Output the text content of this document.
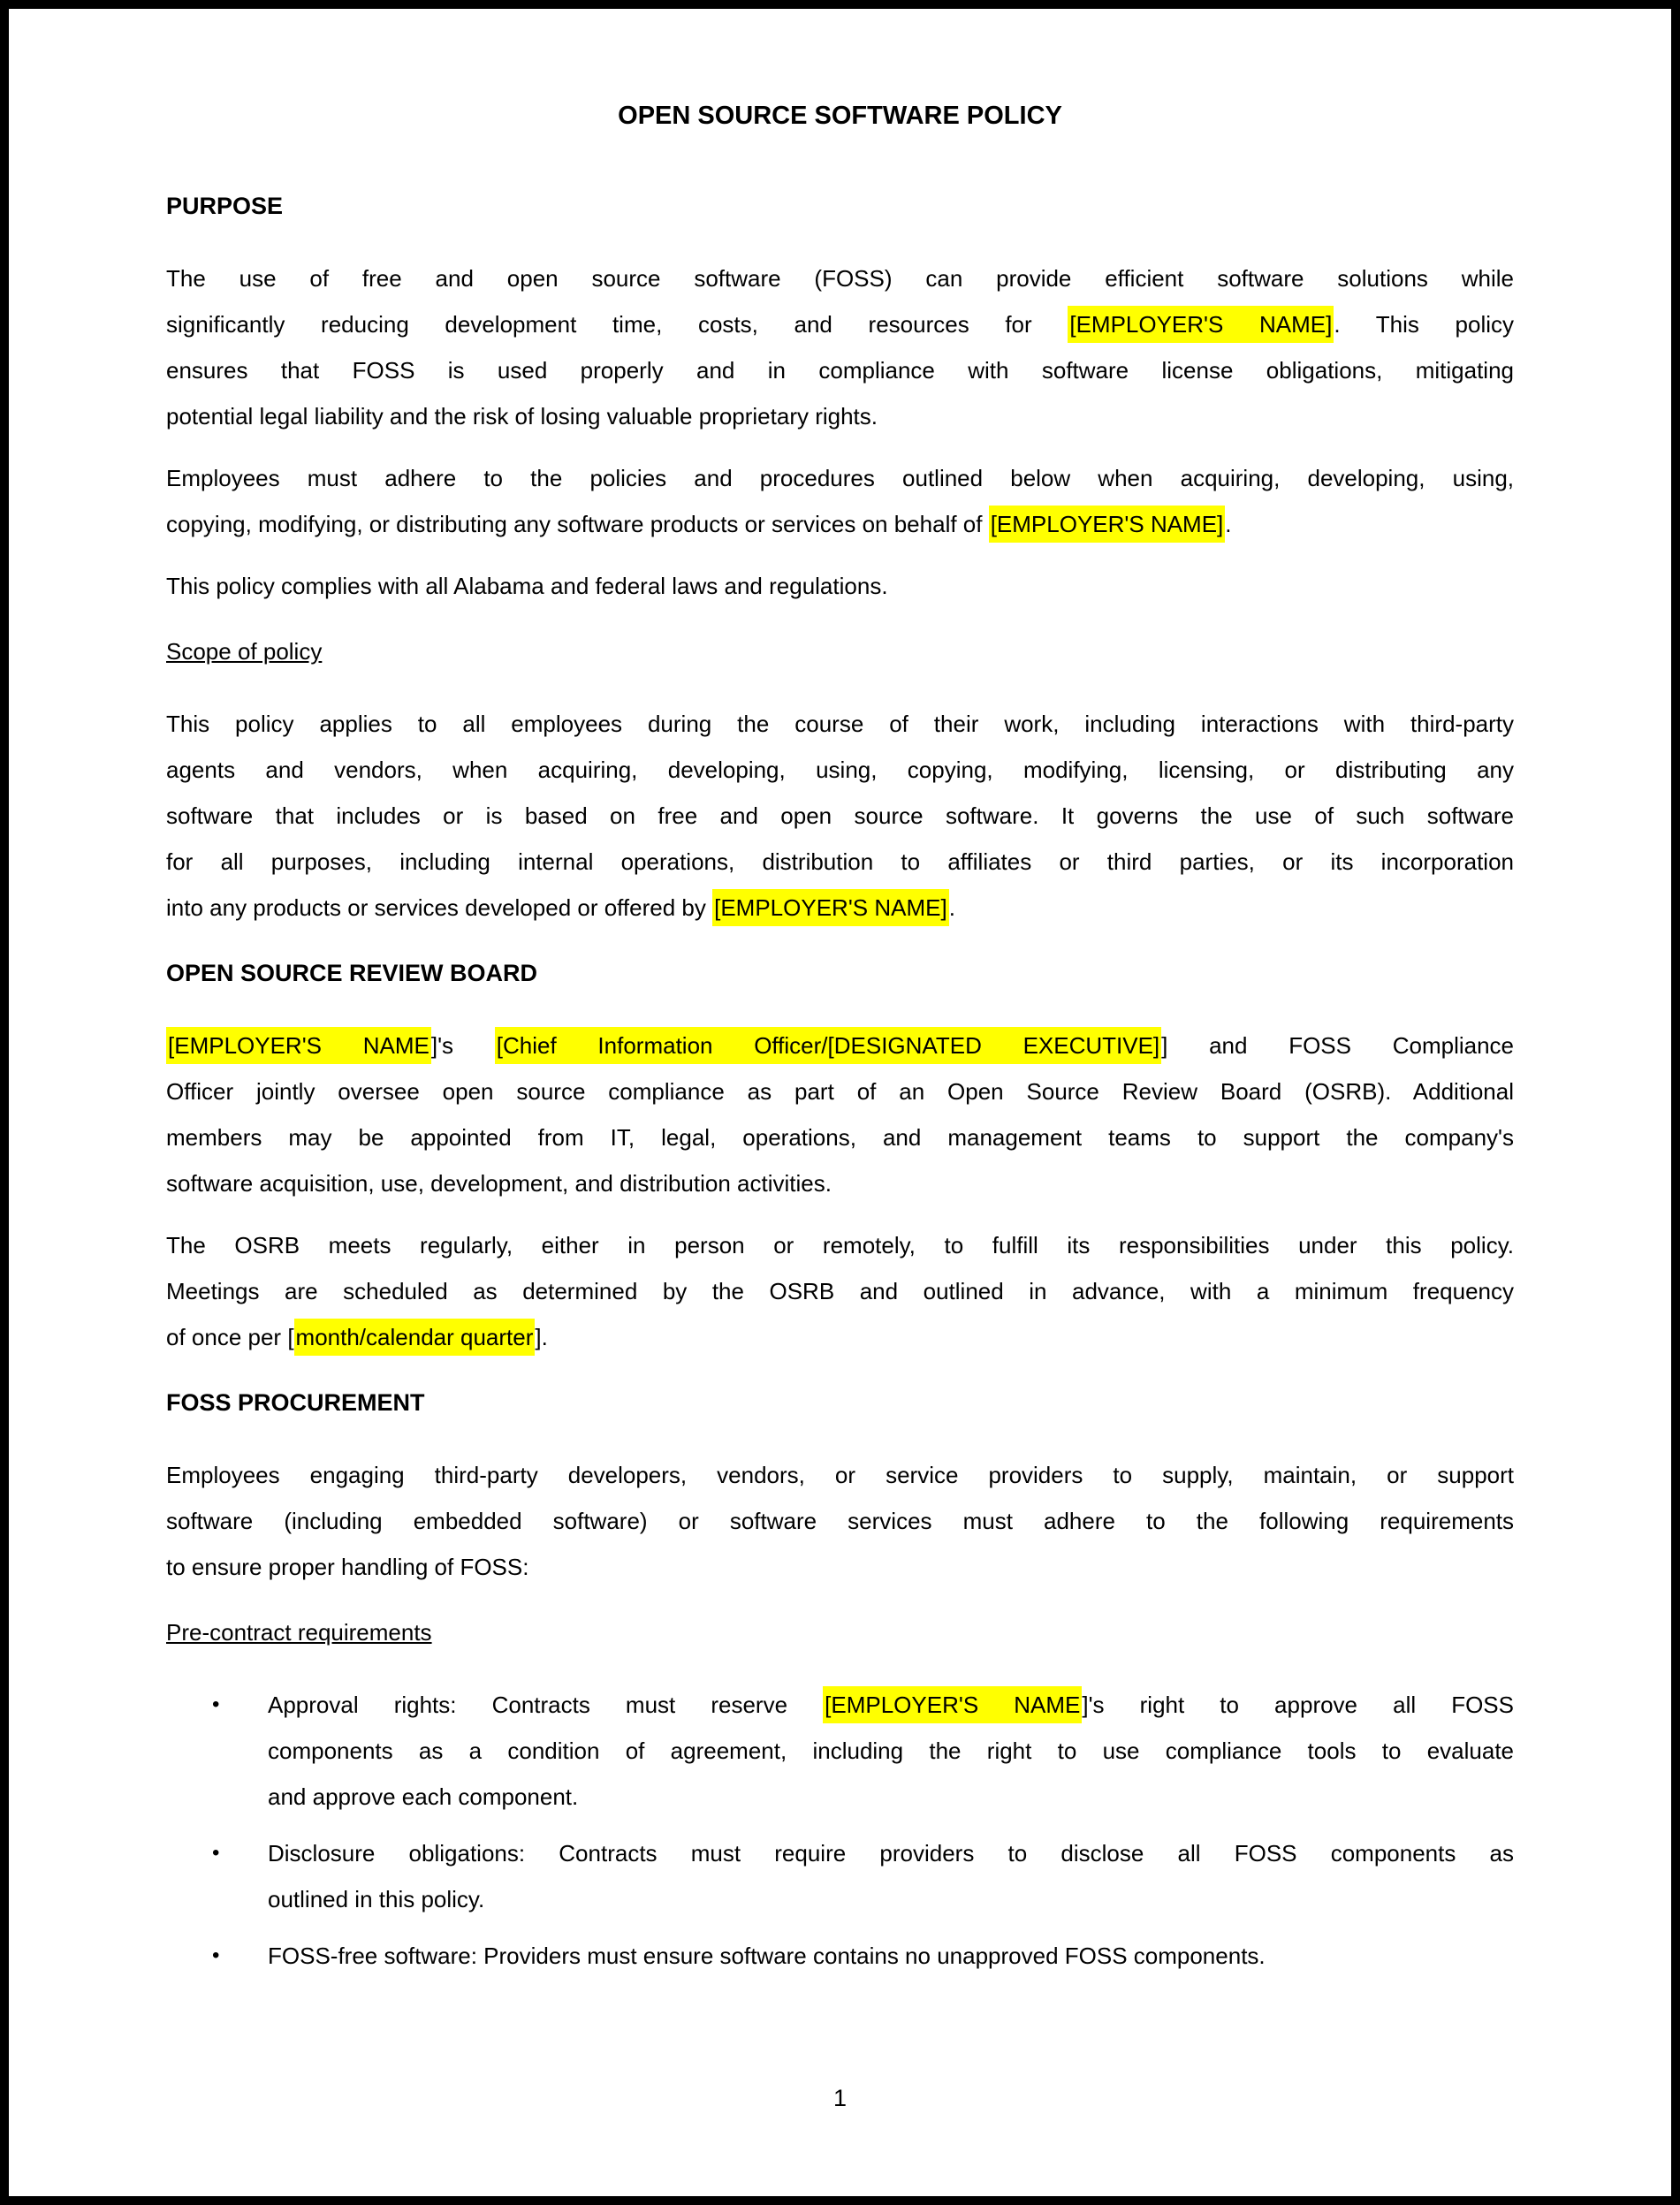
OPEN SOURCE SOFTWARE POLICY
PURPOSE
The use of free and open source software (FOSS) can provide efficient software solutions while
significantly reducing development time, costs, and resources for [EMPLOYER'S NAME]. This policy
ensures that FOSS is used properly and in compliance with software license obligations, mitigating
potential legal liability and the risk of losing valuable proprietary rights.
Employees must adhere to the policies and procedures outlined below when acquiring, developing, using,
copying, modifying, or distributing any software products or services on behalf of [EMPLOYER'S NAME].
This policy complies with all Alabama and federal laws and regulations.
Scope of policy
This policy applies to all employees during the course of their work, including interactions with third-party
agents and vendors, when acquiring, developing, using, copying, modifying, licensing, or distributing any
software that includes or is based on free and open source software. It governs the use of such software
for all purposes, including internal operations, distribution to affiliates or third parties, or its incorporation
into any products or services developed or offered by [EMPLOYER'S NAME].
OPEN SOURCE REVIEW BOARD
[EMPLOYER'S NAME]'s [Chief Information Officer/[DESIGNATED EXECUTIVE]] and FOSS Compliance
Officer jointly oversee open source compliance as part of an Open Source Review Board (OSRB). Additional
members may be appointed from IT, legal, operations, and management teams to support the company's
software acquisition, use, development, and distribution activities.
The OSRB meets regularly, either in person or remotely, to fulfill its responsibilities under this policy.
Meetings are scheduled as determined by the OSRB and outlined in advance, with a minimum frequency
of once per [month/calendar quarter].
FOSS PROCUREMENT
Employees engaging third-party developers, vendors, or service providers to supply, maintain, or support
software (including embedded software) or software services must adhere to the following requirements
to ensure proper handling of FOSS:
Pre-contract requirements
• Approval rights: Contracts must reserve [EMPLOYER'S NAME]'s right to approve all FOSS
components as a condition of agreement, including the right to use compliance tools to evaluate
and approve each component.
• Disclosure obligations: Contracts must require providers to disclose all FOSS components as
outlined in this policy.
• FOSS-free software: Providers must ensure software contains no unapproved FOSS components.
1
